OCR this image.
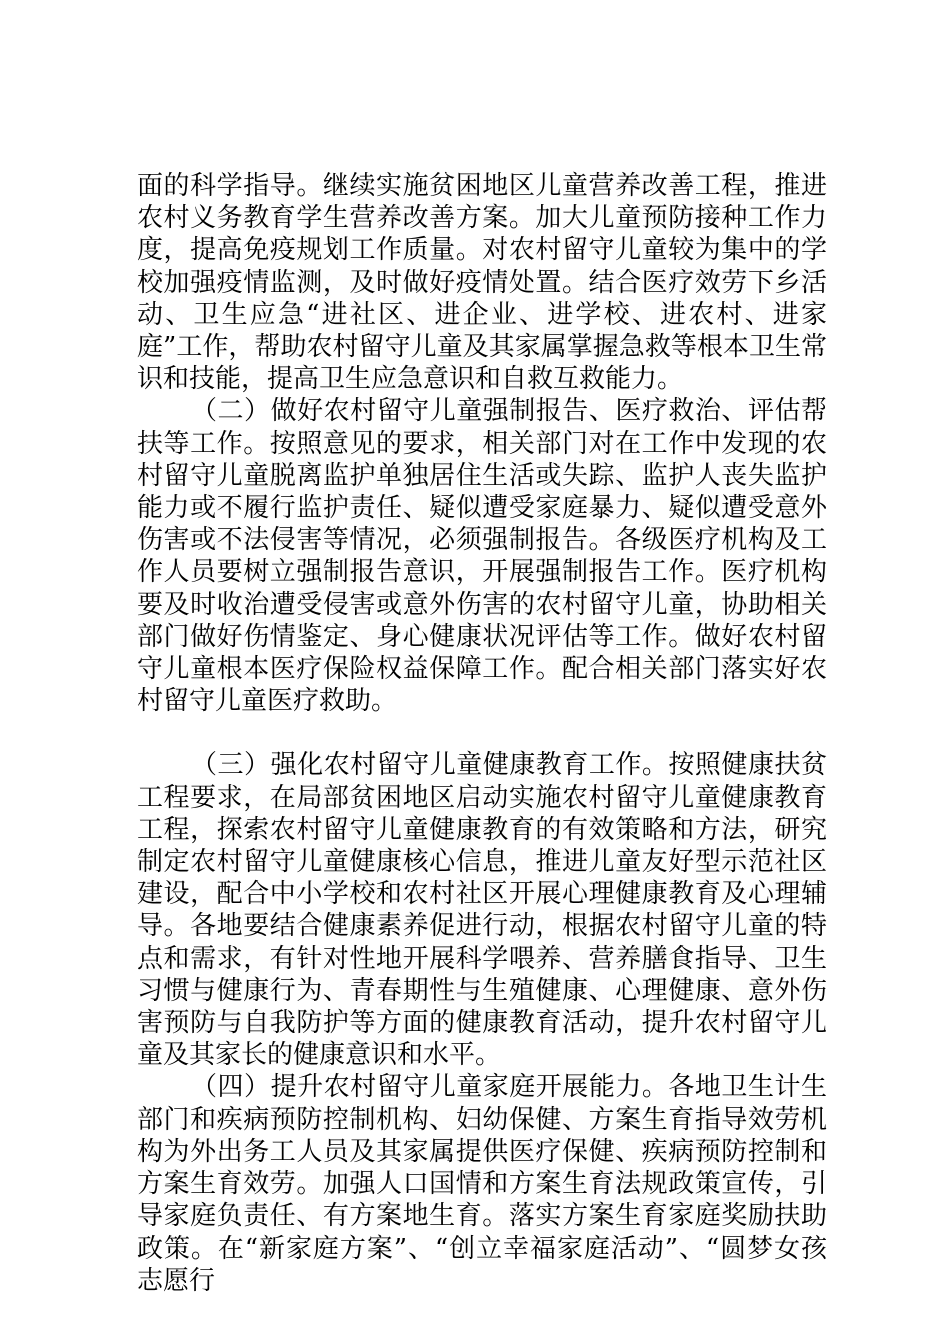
面的科学指导。继续实施贫困地区儿童营养改善工程，推进农村义务教育学生营养改善方案。加大儿童预防接种工作力度，提高免疫规划工作质量。对农村留守儿童较为集中的学校加强疫情监测，及时做好疫情处置。结合医疗效劳下乡活动、卫生应急“进社区、进企业、进学校、进农村、进家庭”工作，帮助农村留守儿童及其家属掌握急救等根本卫生常识和技能，提高卫生应急意识和自救互救能力。

（二）做好农村留守儿童强制报告、医疗救治、评估帮扶等工作。按照意见的要求，相关部门对在工作中发现的农村留守儿童脱离监护单独居住生活或失踪、监护人丧失监护能力或不履行监护责任、疑似遭受家庭暴力、疑似遭受意外伤害或不法侵害等情况，必须强制报告。各级医疗机构及工作人员要树立强制报告意识，开展强制报告工作。医疗机构要及时收治遭受侵害或意外伤害的农村留守儿童，协助相关部门做好伤情鉴定、身心健康状况评估等工作。做好农村留守儿童根本医疗保险权益保障工作。配合相关部门落实好农村留守儿童医疗救助。

（三）强化农村留守儿童健康教育工作。按照健康扶贫工程要求，在局部贫困地区启动实施农村留守儿童健康教育工程，探索农村留守儿童健康教育的有效策略和方法，研究制定农村留守儿童健康核心信息，推进儿童友好型示范社区建设，配合中小学校和农村社区开展心理健康教育及心理辅导。各地要结合健康素养促进行动，根据农村留守儿童的特点和需求，有针对性地开展科学喂养、营养膳食指导、卫生习惯与健康行为、青春期性与生殖健康、心理健康、意外伤害预防与自我防护等方面的健康教育活动，提升农村留守儿童及其家长的健康意识和水平。

（四）提升农村留守儿童家庭开展能力。各地卫生计生部门和疾病预防控制机构、妇幼保健、方案生育指导效劳机构为外出务工人员及其家属提供医疗保健、疾病预防控制和方案生育效劳。加强人口国情和方案生育法规政策宣传，引导家庭负责任、有方案地生育。落实方案生育家庭奖励扶助政策。在“新家庭方案”、“创立幸福家庭活动”、“圆梦女孩志愿行
